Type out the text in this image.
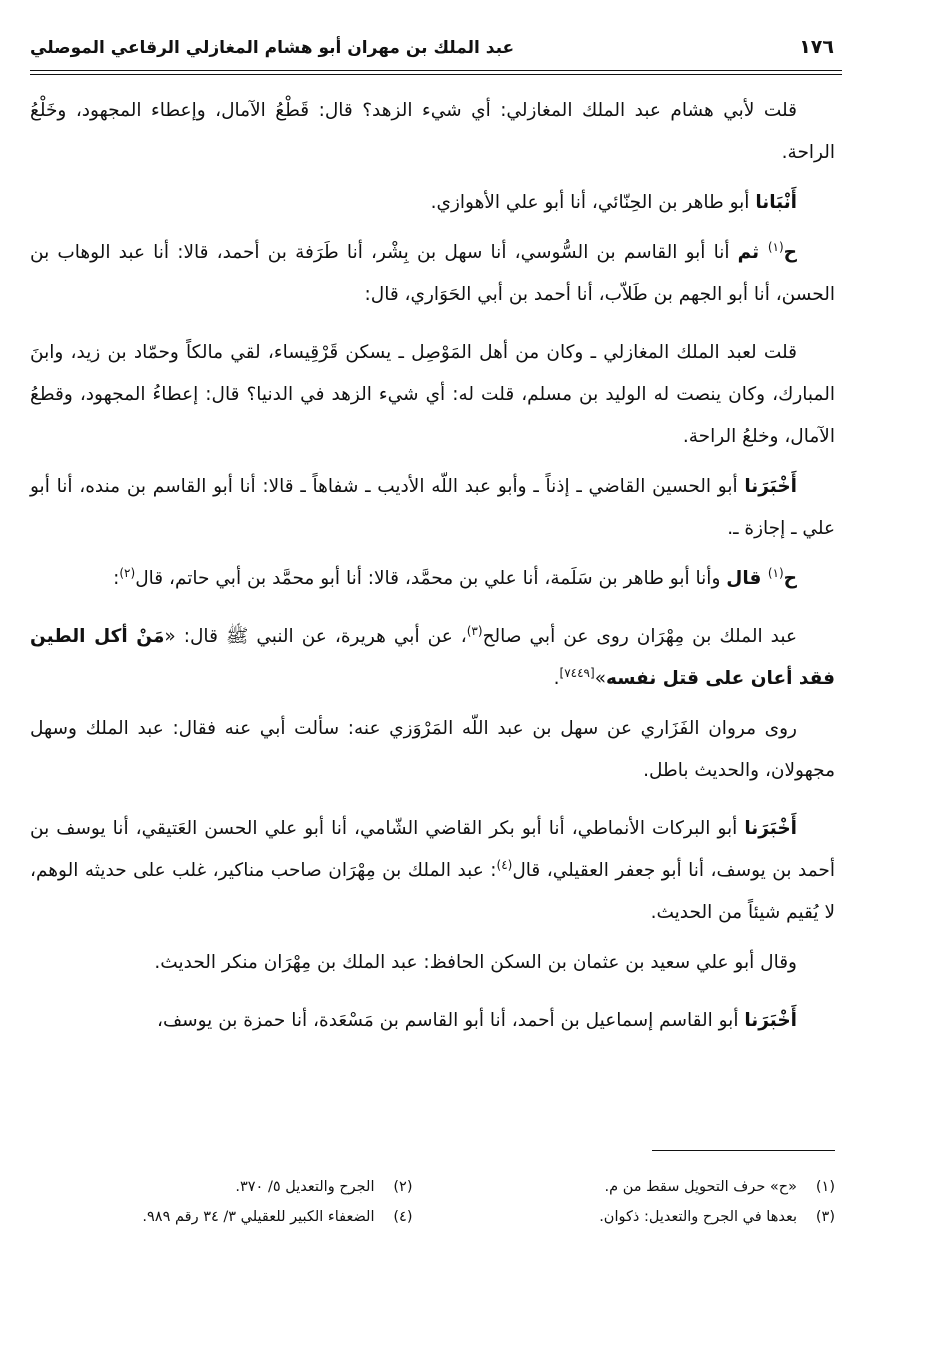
١٧٦
عبد الملك بن مهران أبو هشام المغازلي الرقاعي الموصلي

قلت لأبي هشام عبد الملك المغازلي: أي شيء الزهد؟ قال: قَطْعُ الآمال، وإعطاء المجهود، وخَلْعُ الراحة.

أَنْبَانا أبو طاهر بن الحِنّائي، أنا أبو علي الأهوازي.

ح$^{(١)}$ ثم أنا أبو القاسم بن السُّوسي، أنا سهل بن بِشْر، أنا طَرَفة بن أحمد، قالا: أنا عبد الوهاب بن الحسن، أنا أبو الجهم بن طَلاّب، أنا أحمد بن أبي الحَوَاري، قال:

قلت لعبد الملك المغازلي ـ وكان من أهل المَوْصِل ـ يسكن قَرْقِيساء، لقي مالكاً وحمّاد بن زيد، وابنَ المبارك، وكان ينصت له الوليد بن مسلم، قلت له: أي شيء الزهد في الدنيا؟ قال: إعطاءُ المجهود، وقطعُ الآمال، وخلعُ الراحة.

أَخْبَرَنا أبو الحسين القاضي ـ إذناً ـ وأبو عبد اللّه الأديب ـ شفاهاً ـ قالا: أنا أبو القاسم بن منده، أنا أبو علي ـ إجازة ـ.

ح$^{(١)}$ قال وأنا أبو طاهر بن سَلَمة، أنا علي بن محمَّد، قالا: أنا أبو محمَّد بن أبي حاتم، قال$^{(٢)}$:

عبد الملك بن مِهْرَان روى عن أبي صالح$^{(٣)}$، عن أبي هريرة، عن النبي ﷺ قال: «مَنْ أكل الطين فقد أعان على قتل نفسه»[٧٤٤٩].

روى مروان الفَزَاري عن سهل بن عبد اللّه المَرْوَزي عنه: سألت أبي عنه فقال: عبد الملك وسهل مجهولان، والحديث باطل.

أَخْبَرَنا أبو البركات الأنماطي، أنا أبو بكر القاضي الشّامي، أنا أبو علي الحسن العَتيقي، أنا يوسف بن أحمد بن يوسف، أنا أبو جعفر العقيلي، قال$^{(٤)}$: عبد الملك بن مِهْرَان صاحب مناكير، غلب على حديثه الوهم، لا يُقيم شيئاً من الحديث.

وقال أبو علي سعيد بن عثمان بن السكن الحافظ: عبد الملك بن مِهْرَان منكر الحديث.

أَخْبَرَنا أبو القاسم إسماعيل بن أحمد، أنا أبو القاسم بن مَسْعَدة، أنا حمزة بن يوسف،

(١)«ح» حرف التحويل سقط من م.
(٢)الجرح والتعديل ٥/ ٣٧٠.
(٣)بعدها في الجرح والتعديل: ذكوان.
(٤)الضعفاء الكبير للعقيلي ٣/ ٣٤ رقم ٩٨٩.
